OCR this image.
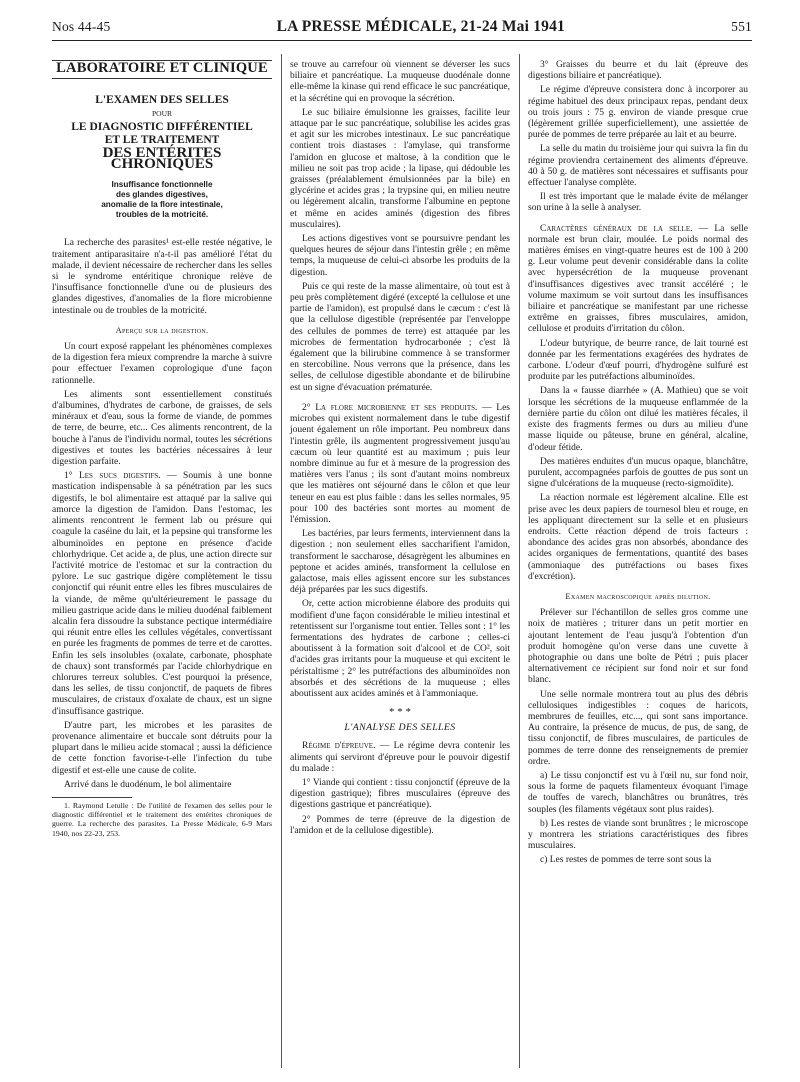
Nos 44-45	LA PRESSE MÉDICALE, 21-24 Mai 1941	551
LABORATOIRE ET CLINIQUE
L'EXAMEN DES SELLES
POUR
LE DIAGNOSTIC DIFFÉRENTIEL
ET LE TRAITEMENT
DES ENTÉRITES CHRONIQUES
Insuffisance fonctionnelle
des glandes digestives,
anomalie de la flore intestinale,
troubles de la motricité.

La recherche des parasites¹ est-elle restée négative, le traitement antiparasitaire n'a-t-il pas amélioré l'état du malade, il devient nécessaire de rechercher dans les selles si le syndrome entéritique chronique relève de l'insuffisance fonctionnelle d'une ou de plusieurs des glandes digestives, d'anomalies de la flore microbienne intestinale ou de troubles de la motricité.

Aperçu sur la digestion.

Un court exposé rappelant les phénomènes complexes de la digestion fera mieux comprendre la marche à suivre pour effectuer l'examen coprologique d'une façon rationnelle.

Les aliments sont essentiellement constitués d'albumines, d'hydrates de carbone, de graisses, de sels minéraux et d'eau, sous la forme de viande, de pommes de terre, de beurre, etc... Ces aliments rencontrent, de la bouche à l'anus de l'individu normal, toutes les sécrétions digestives et toutes les bactéries nécessaires à leur digestion parfaite.

1° Les sucs digestifs. — Soumis à une bonne mastication indispensable à sa pénétration par les sucs digestifs, le bol alimentaire est attaqué par la salive qui amorce la digestion de l'amidon. Dans l'estomac, les aliments rencontrent le ferment lab ou présure qui coagule la caséine du lait, et la pepsine qui transforme les albuminoïdes en peptone en présence d'acide chlorhydrique. Cet acide a, de plus, une action directe sur l'activité motrice de l'estomac et sur la contraction du pylore. Le suc gastrique digère complètement le tissu conjonctif qui réunit entre elles les fibres musculaires de la viande, de même qu'ultérieurement le passage du milieu gastrique acide dans le milieu duodénal faiblement alcalin fera dissoudre la substance pectique intermédiaire qui réunit entre elles les cellules végétales, convertissant en purée les fragments de pommes de terre et de carottes. Enfin les sels insolubles (oxalate, carbonate, phosphate de chaux) sont transformés par l'acide chlorhydrique en chlorures terreux solubles. C'est pourquoi la présence, dans les selles, de tissu conjonctif, de paquets de fibres musculaires, de cristaux d'oxalate de chaux, est un signe d'insuffisance gastrique.

D'autre part, les microbes et les parasites de provenance alimentaire et buccale sont détruits pour la plupart dans le milieu acide stomacal ; aussi la déficience de cette fonction favorise-t-elle l'infection du tube digestif et est-elle une cause de colite.

Arrivé dans le duodénum, le bol alimentaire

1. Raymond Letulle : De l'utilité de l'examen des selles pour le diagnostic différentiel et le traitement des entérites chroniques de guerre. La recherche des parasites. La Presse Médicale, 6-9 Mars 1940, nos 22-23, 253.

se trouve au carrefour où viennent se déverser les sucs biliaire et pancréatique. La muqueuse duodénale donne elle-même la kinase qui rend efficace le suc pancréatique, et la sécrétine qui en provoque la sécrétion.

Le suc biliaire émulsionne les graisses, facilite leur attaque par le suc pancréatique, solubilise les acides gras et agit sur les microbes intestinaux. Le suc pancréatique contient trois diastases : l'amylase, qui transforme l'amidon en glucose et maltose, à la condition que le milieu ne soit pas trop acide ; la lipase, qui dédouble les graisses (préalablement émulsionnées par la bile) en glycérine et acides gras ; la trypsine qui, en milieu neutre ou légèrement alcalin, transforme l'albumine en peptone et même en acides aminés (digestion des fibres musculaires).

Les actions digestives vont se poursuivre pendant les quelques heures de séjour dans l'intestin grêle ; en même temps, la muqueuse de celui-ci absorbe les produits de la digestion.

Puis ce qui reste de la masse alimentaire, où tout est à peu près complètement digéré (excepté la cellulose et une partie de l'amidon), est propulsé dans le cæcum : c'est là que la cellulose digestible (représentée par l'enveloppe des cellules de pommes de terre) est attaquée par les microbes de fermentation hydrocarbonée ; c'est là également que la bilirubine commence à se transformer en stercobiline. Nous verrons que la présence, dans les selles, de cellulose digestible abondante et de bilirubine est un signe d'évacuation prématurée.

2° La flore microbienne et ses produits. — Les microbes qui existent normalement dans le tube digestif jouent également un rôle important. Peu nombreux dans l'intestin grêle, ils augmentent progressivement jusqu'au cæcum où leur quantité est au maximum ; puis leur nombre diminue au fur et à mesure de la progression des matières vers l'anus ; ils sont d'autant moins nombreux que les matières ont séjourné dans le côlon et que leur teneur en eau est plus faible : dans les selles normales, 95 pour 100 des bactéries sont mortes au moment de l'émission.

Les bactéries, par leurs ferments, interviennent dans la digestion ; non seulement elles saccharifient l'amidon, transforment le saccharose, désagrègent les albumines en peptone et acides aminés, transforment la cellulose en galactose, mais elles agissent encore sur les substances déjà préparées par les sucs digestifs.

Or, cette action microbienne élabore des produits qui modifient d'une façon considérable le milieu intestinal et retentissent sur l'organisme tout entier. Telles sont : 1° les fermentations des hydrates de carbone ; celles-ci aboutissent à la formation soit d'alcool et de CO², soit d'acides gras irritants pour la muqueuse et qui excitent le péristaltisme ; 2° les putréfactions des albuminoïdes non absorbés et des sécrétions de la muqueuse ; elles aboutissent aux acides aminés et à l'ammoniaque.

* * *
L'ANALYSE DES SELLES

Régime d'épreuve. — Le régime devra contenir les aliments qui serviront d'épreuve pour le pouvoir digestif du malade :

1° Viande qui contient : tissu conjonctif (épreuve de la digestion gastrique); fibres musculaires (épreuve des digestions gastrique et pancréatique).

2° Pommes de terre (épreuve de la digestion de l'amidon et de la cellulose digestible).

3° Graisses du beurre et du lait (épreuve des digestions biliaire et pancréatique).

Le régime d'épreuve consistera donc à incorporer au régime habituel des deux principaux repas, pendant deux ou trois jours : 75 g. environ de viande presque crue (légèrement grillée superficiellement), une assiettée de purée de pommes de terre préparée au lait et au beurre.

La selle du matin du troisième jour qui suivra la fin du régime proviendra certainement des aliments d'épreuve. 40 à 50 g. de matières sont nécessaires et suffisants pour effectuer l'analyse complète.

Il est très important que le malade évite de mélanger son urine à la selle à analyser.

Caractères généraux de la selle. — La selle normale est brun clair, moulée. Le poids normal des matières émises en vingt-quatre heures est de 100 à 200 g. Leur volume peut devenir considérable dans la colite avec hypersécrétion de la muqueuse provenant d'insuffisances digestives avec transit accéléré ; le volume maximum se voit surtout dans les insuffisances biliaire et pancréatique se manifestant par une richesse extrême en graisses, fibres musculaires, amidon, cellulose et produits d'irritation du côlon.

L'odeur butyrique, de beurre rance, de lait tourné est donnée par les fermentations exagérées des hydrates de carbone. L'odeur d'œuf pourri, d'hydrogène sulfuré est produite par les putréfactions albuminoïdes.

Dans la « fausse diarrhée » (A. Mathieu) que se voit lorsque les sécrétions de la muqueuse enflammée de la dernière partie du côlon ont dilué les matières fécales, il existe des fragments fermes ou durs au milieu d'une masse liquide ou pâteuse, brune en général, alcaline, d'odeur fétide.

Des matières enduites d'un mucus opaque, blanchâtre, purulent, accompagnées parfois de gouttes de pus sont un signe d'ulcérations de la muqueuse (recto-sigmoïdite).

La réaction normale est légèrement alcaline. Elle est prise avec les deux papiers de tournesol bleu et rouge, en les appliquant directement sur la selle et en plusieurs endroits. Cette réaction dépend de trois facteurs : abondance des acides gras non absorbés, abondance des acides organiques de fermentations, quantité des bases (ammoniaque des putréfactions ou bases fixes d'excrétion).

Examen macroscopique après dilution.

Prélever sur l'échantillon de selles gros comme une noix de matières ; triturer dans un petit mortier en ajoutant lentement de l'eau jusqu'à l'obtention d'un produit homogène qu'on verse dans une cuvette à photographie ou dans une boîte de Pétri ; puis placer alternativement ce récipient sur fond noir et sur fond blanc.

Une selle normale montrera tout au plus des débris cellulosiques indigestibles : coques de haricots, membrures de feuilles, etc..., qui sont sans importance. Au contraire, la présence de mucus, de pus, de sang, de tissu conjonctif, de fibres musculaires, de particules de pommes de terre donne des renseignements de premier ordre.

a) Le tissu conjonctif est vu à l'œil nu, sur fond noir, sous la forme de paquets filamenteux évoquant l'image de touffes de varech, blanchâtres ou brunâtres, très souples (les filaments végétaux sont plus raides).

b) Les restes de viande sont brunâtres ; le microscope y montrera les striations caractéristiques des fibres musculaires.

c) Les restes de pommes de terre sont sous la
